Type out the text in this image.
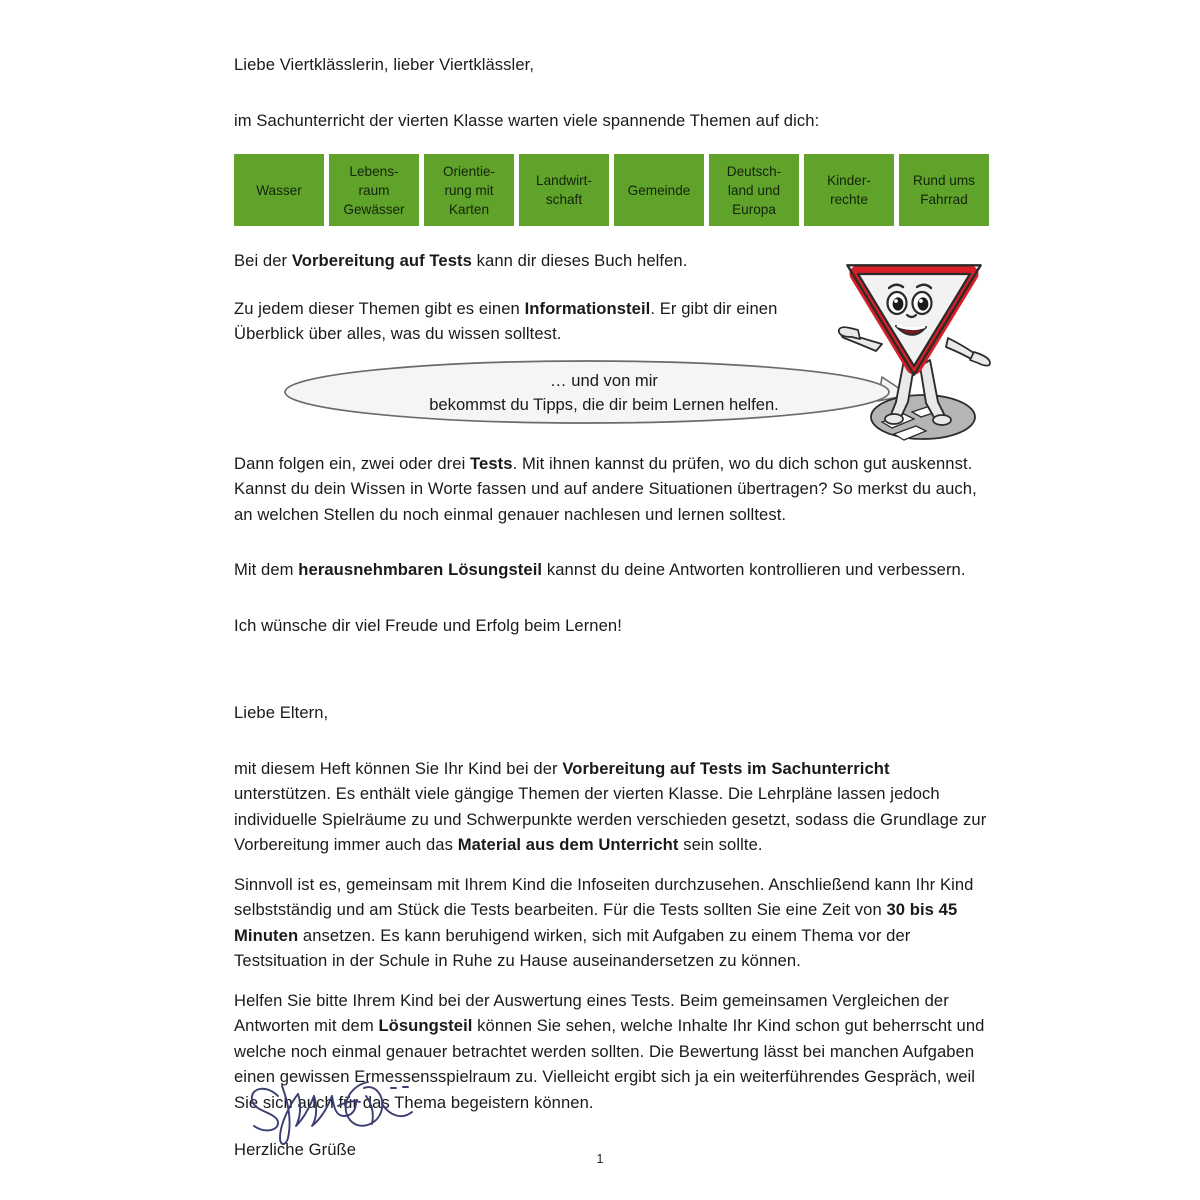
Liebe Viertklässlerin, lieber Viertklässler,

im Sachunterricht der vierten Klasse warten viele spannende Themen auf dich:

Wasser
Lebens-
raum
Gewässer
Orientie-
rung mit
Karten
Landwirt-
schaft
Gemeinde
Deutsch-
land und
Europa
Kinder-
rechte
Rund ums
Fahrrad

Bei der Vorbereitung auf Tests kann dir dieses Buch helfen.

Zu jedem dieser Themen gibt es einen Informationsteil. Er gibt dir einen Überblick über alles, was du wissen solltest.

… und von mir
bekommst du Tipps, die dir beim Lernen helfen.

Dann folgen ein, zwei oder drei Tests. Mit ihnen kannst du prüfen, wo du dich schon gut auskennst. Kannst du dein Wissen in Worte fassen und auf andere Situationen übertragen? So merkst du auch, an welchen Stellen du noch einmal genauer nachlesen und lernen solltest.

Mit dem herausnehmbaren Lösungsteil kannst du deine Antworten kontrollieren und verbessern.

Ich wünsche dir viel Freude und Erfolg beim Lernen!

Liebe Eltern,

mit diesem Heft können Sie Ihr Kind bei der Vorbereitung auf Tests im Sachunterricht unterstützen. Es enthält viele gängige Themen der vierten Klasse. Die Lehrpläne lassen jedoch individuelle Spielräume zu und Schwerpunkte werden verschieden gesetzt, sodass die Grundlage zur Vorbereitung immer auch das Material aus dem Unterricht sein sollte.

Sinnvoll ist es, gemeinsam mit Ihrem Kind die Infoseiten durchzusehen. Anschließend kann Ihr Kind selbstständig und am Stück die Tests bearbeiten. Für die Tests sollten Sie eine Zeit von 30 bis 45 Minuten ansetzen. Es kann beruhigend wirken, sich mit Aufgaben zu einem Thema vor der Testsituation in der Schule in Ruhe zu Hause auseinandersetzen zu können.

Helfen Sie bitte Ihrem Kind bei der Auswertung eines Tests. Beim gemeinsamen Vergleichen der Antworten mit dem Lösungsteil können Sie sehen, welche Inhalte Ihr Kind schon gut beherrscht und welche noch einmal genauer betrachtet werden sollten. Die Bewertung lässt bei manchen Aufgaben einen gewissen Ermessensspielraum zu. Vielleicht ergibt sich ja ein weiterführendes Gespräch, weil Sie sich auch für das Thema begeistern können.

Herzliche Grüße	1
